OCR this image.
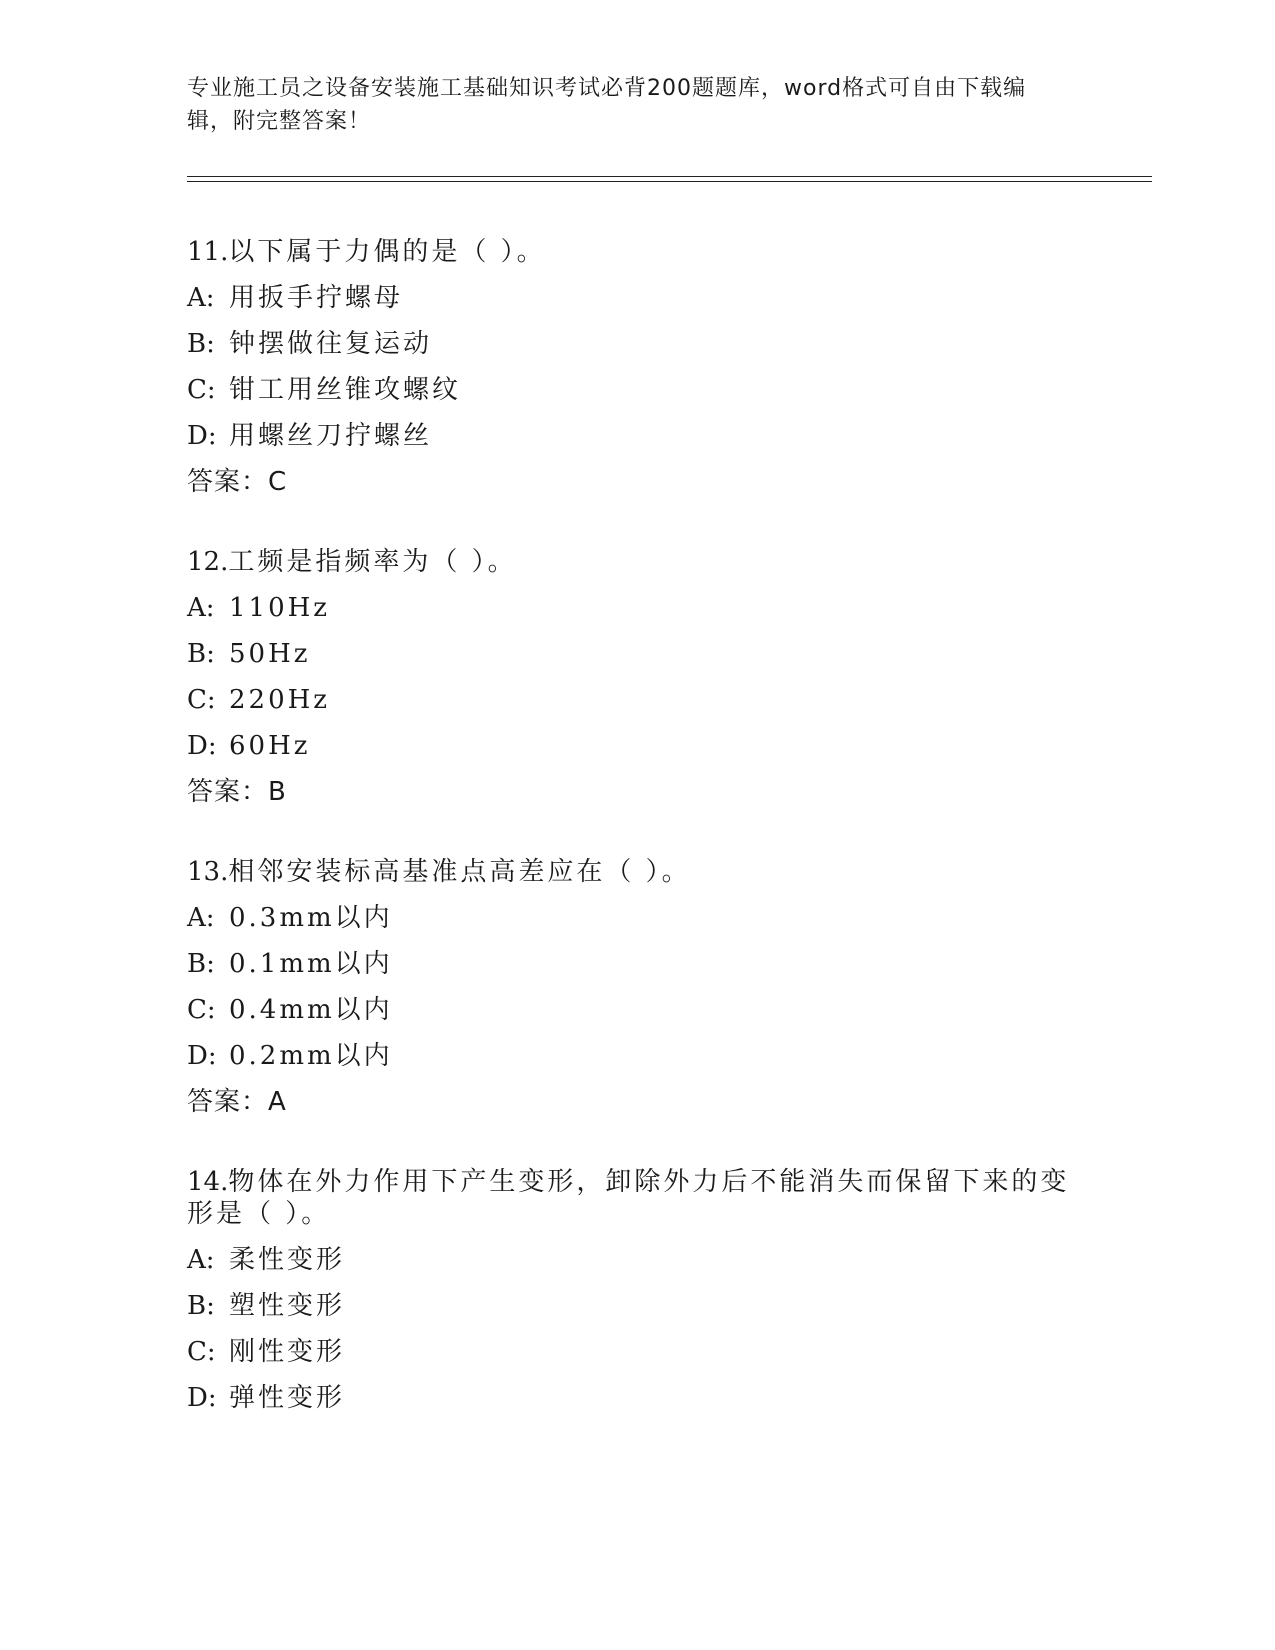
专业施工员之设备安装施工基础知识考试必背200题题库，word格式可自由下载编辑，附完整答案！

11.以下属于力偶的是（ ）。

A: 用扳手拧螺母

B: 钟摆做往复运动

C: 钳工用丝锥攻螺纹

D: 用螺丝刀拧螺丝

答案：C

12.工频是指频率为（ ）。

A: 110Hz

B: 50Hz

C: 220Hz

D: 60Hz

答案：B

13.相邻安装标高基准点高差应在（ ）。

A: 0.3mm以内

B: 0.1mm以内

C: 0.4mm以内

D: 0.2mm以内

答案：A

14.物体在外力作用下产生变形，卸除外力后不能消失而保留下来的变形是（ ）。

A: 柔性变形

B: 塑性变形

C: 刚性变形

D: 弹性变形
